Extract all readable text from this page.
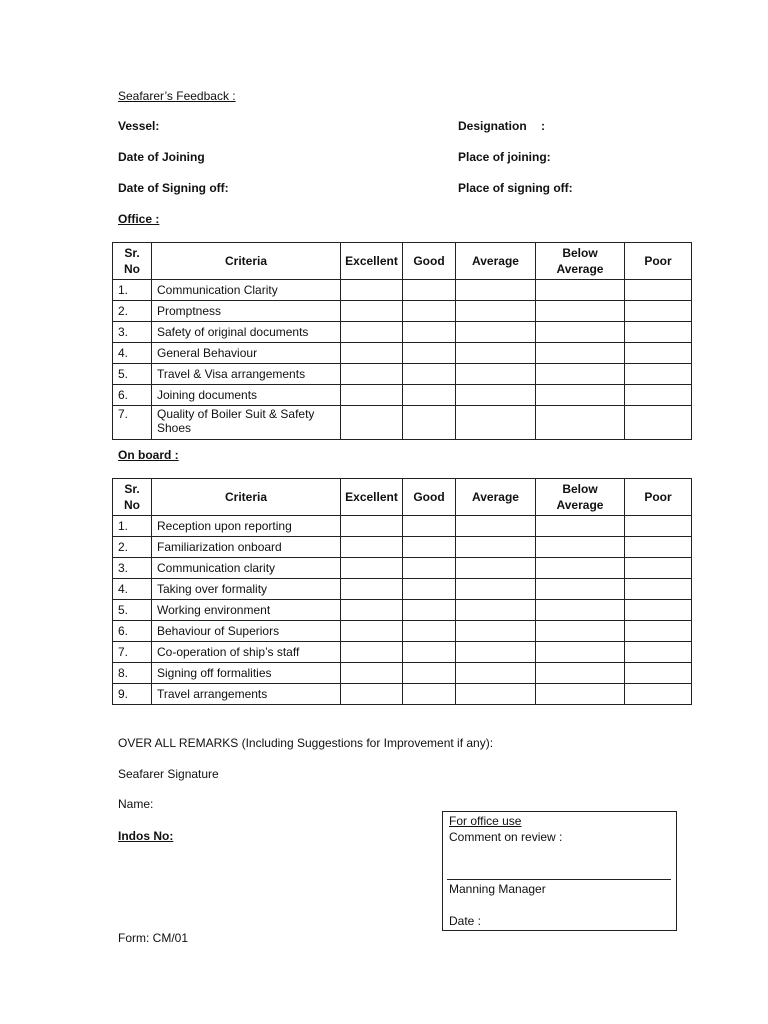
Seafarer’s Feedback :
Vessel:	Designation :
Date of Joining	Place of joining:
Date of Signing off:	Place of signing off:
Office :
Sr. No	Criteria	Excellent	Good	Average	Below Average	Poor
1.	Communication Clarity					
2.	Promptness					
3.	Safety of original documents					
4.	General Behaviour					
5.	Travel & Visa arrangements					
6.	Joining documents					
7.	Quality of Boiler Suit & Safety Shoes					
On board :
Sr. No	Criteria	Excellent	Good	Average	Below Average	Poor
1.	Reception upon reporting					
2.	Familiarization onboard					
3.	Communication clarity					
4.	Taking over formality					
5.	Working environment					
6.	Behaviour of Superiors					
7.	Co-operation of ship’s staff					
8.	Signing off formalities					
9.	Travel arrangements					
OVER ALL REMARKS (Including Suggestions for Improvement if any):
Seafarer Signature
Name:
Indos No:
Form: CM/01
For office use
Comment on review :
Manning Manager
Date :
